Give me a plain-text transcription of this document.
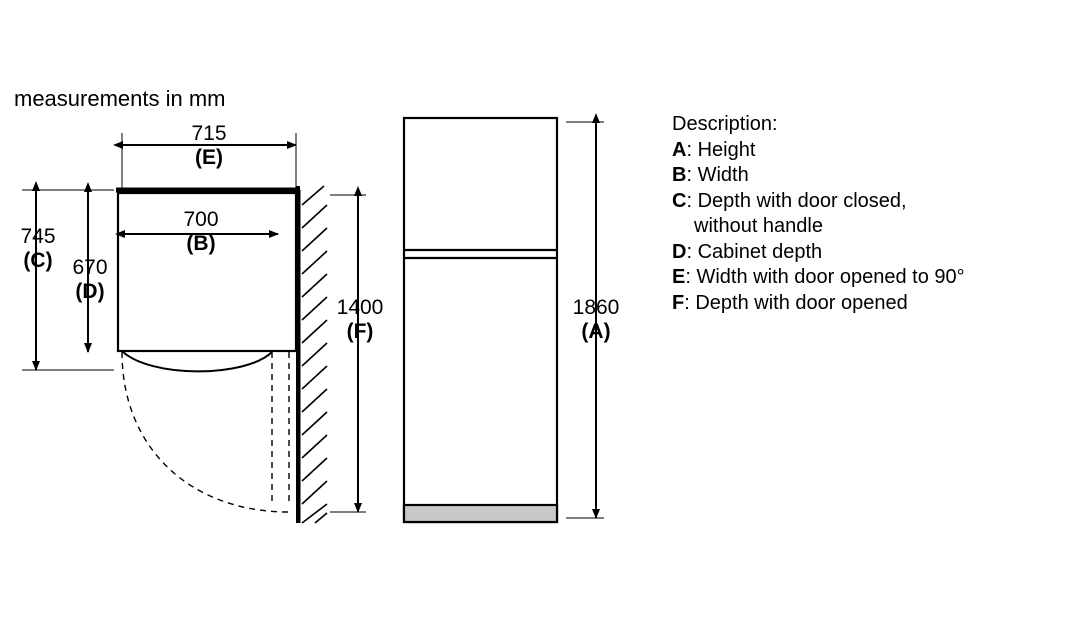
measurements in mm
715
(E)
700
(B)
745
(C) 670
(D)
1400
(F)
1860
(A)
Description:
A: Height
B: Width
C: Depth with door closed,
without handle
D: Cabinet depth
E: Width with door opened to 90°
F: Depth with door opened
